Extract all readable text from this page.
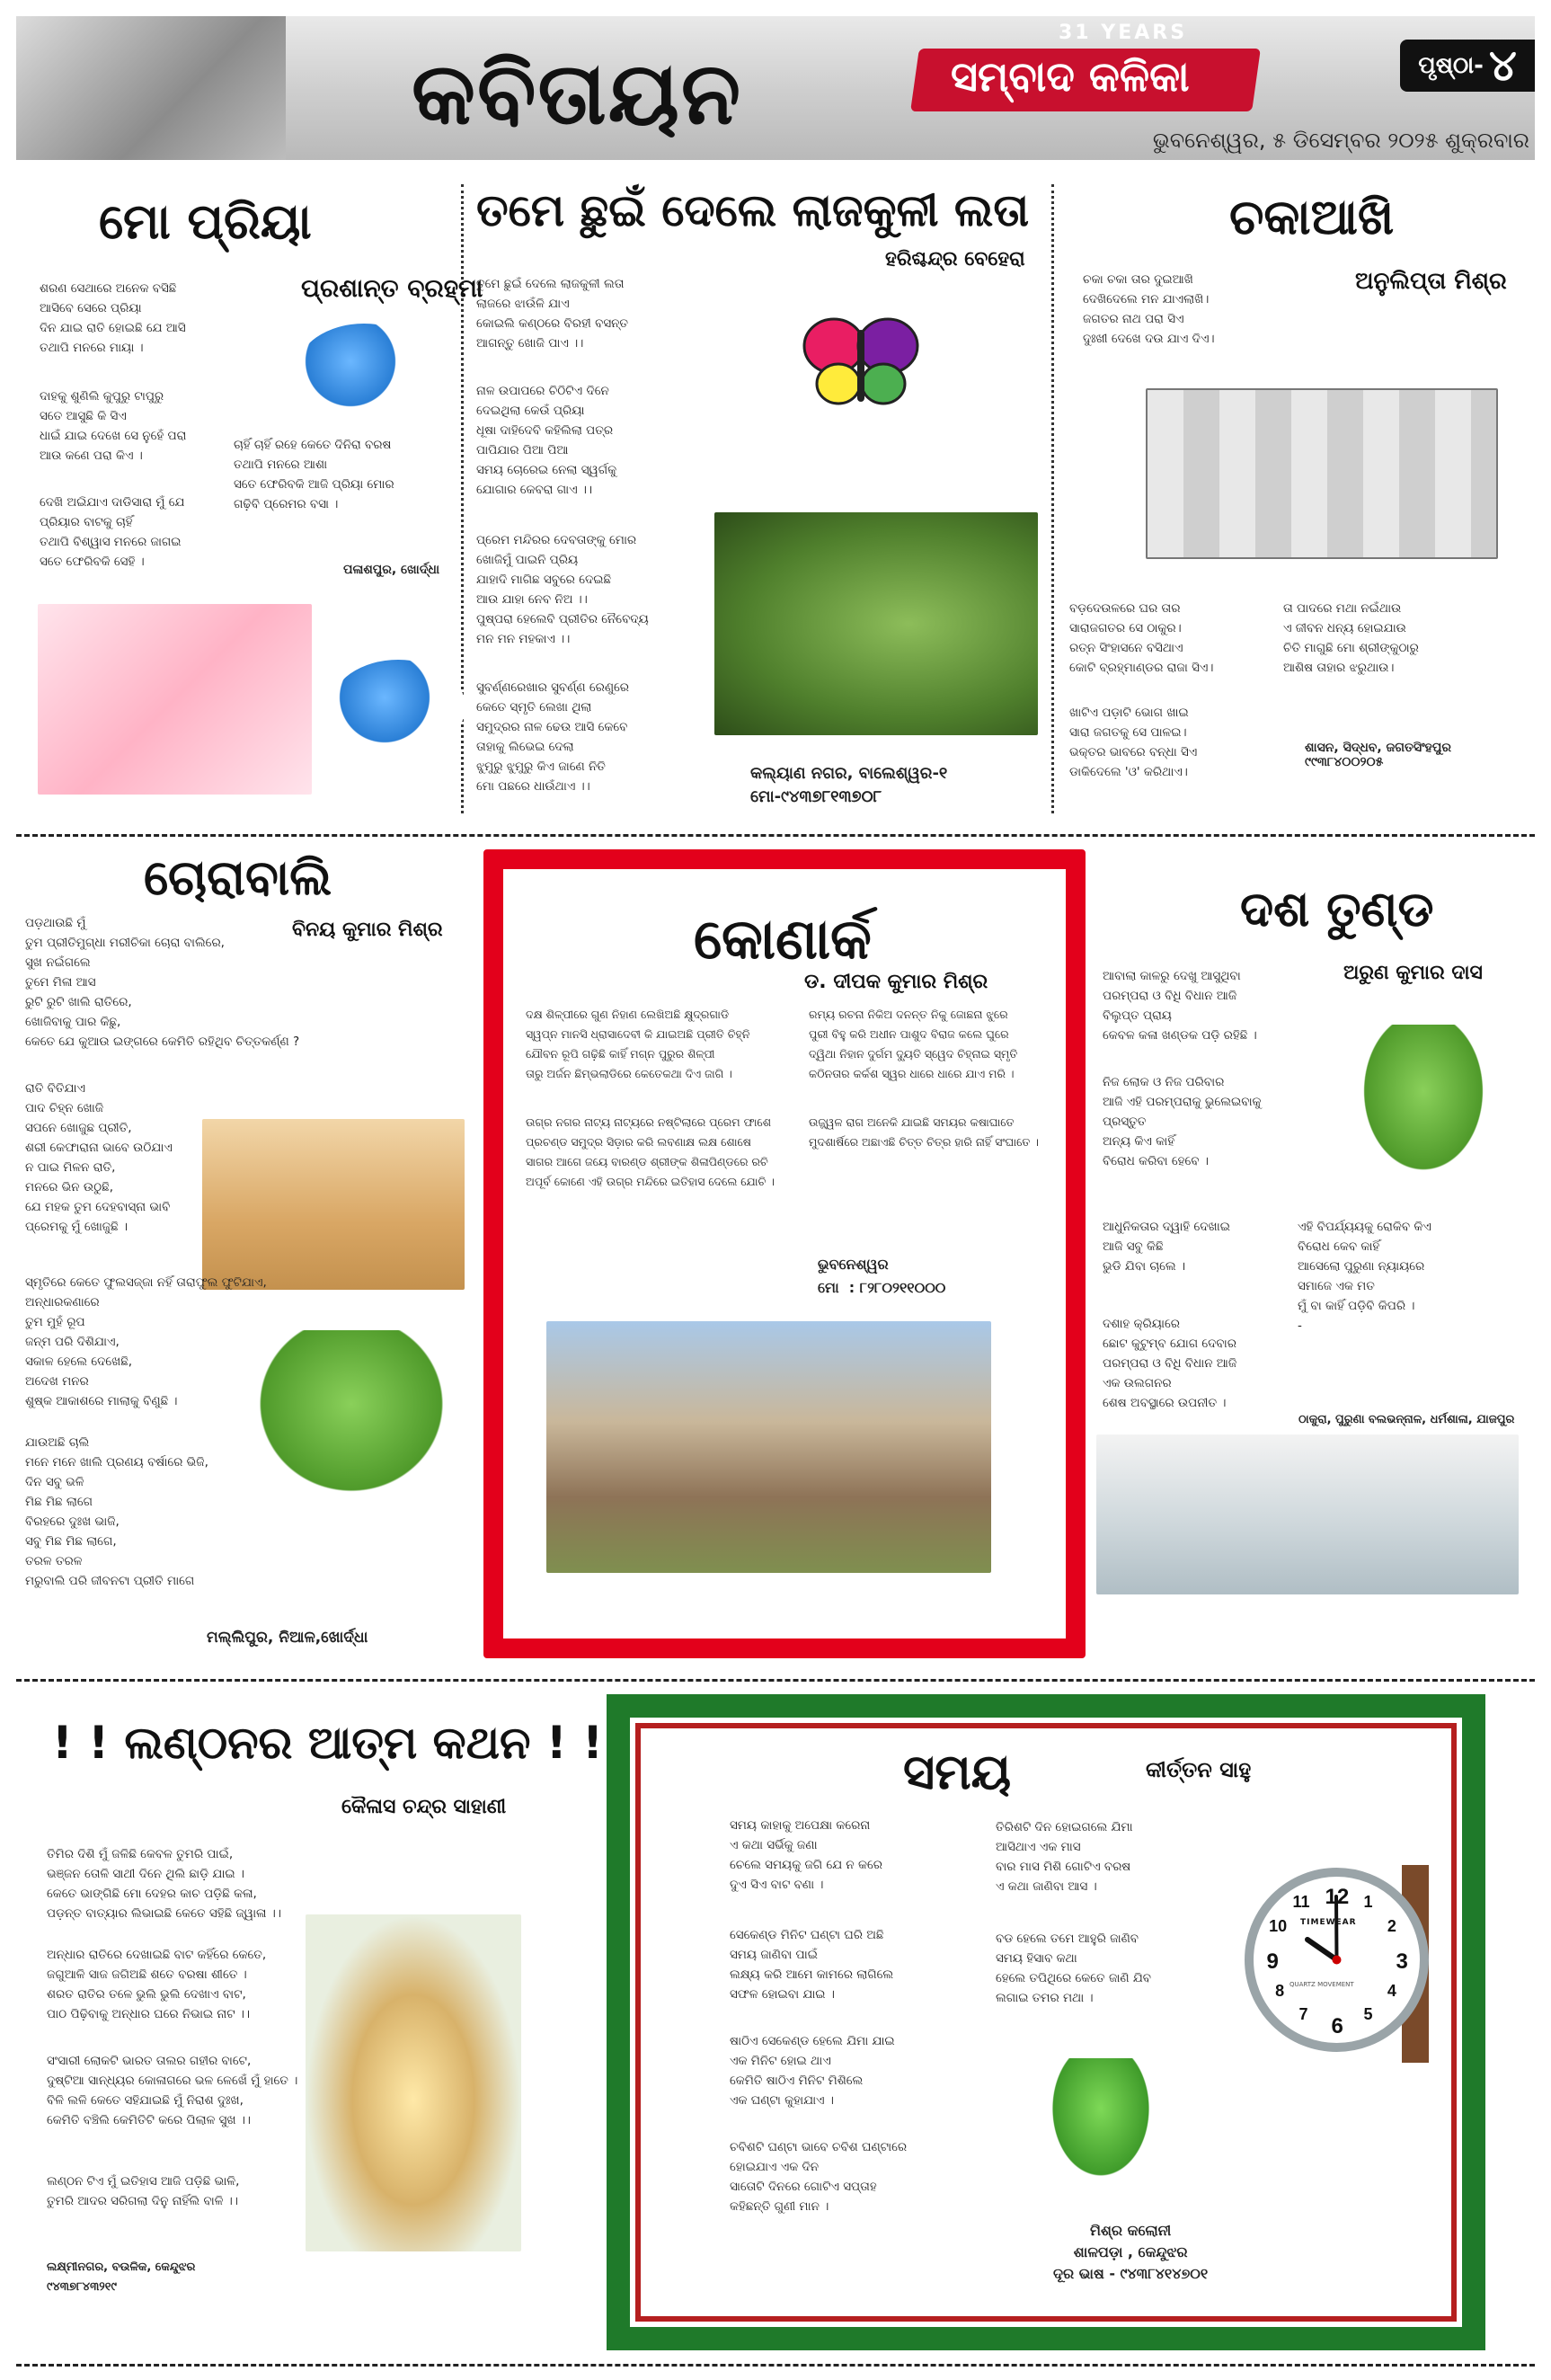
କବିତାୟନ
31 YEARS
ସମ୍ବାଦ କଳିକା	ପୃଷ୍ଠା- ୪
ଭୁବନେଶ୍ୱର, ୫ ଡିସେମ୍ବର ୨୦୨୫ ଶୁକ୍ରବାର
ମୋ ପ୍ରିୟା
ପ୍ରଶାନ୍ତ ବ୍ରହ୍ମା
ଶରଣ ସେଥାରେ ଅନେକ ବସିଛି
ଆସିବେ ସେରେ ପ୍ରିୟା
ଦିନ ଯାଇ ରାତି ହୋଇଛି ଯେ ଆସି
ତଥାପି ମନରେ ମାୟା ।
ଦାହକୁ ଶୁଣିଲି କୁପୁରୁ ଟାପୁରୁ
ସତେ ଆସୁଛି କି ସିଏ
ଧାଇଁ ଯାଇ ଦେଖେ ସେ ନୁହେଁ ପରା
ଆଉ କଣେ ପରା କିଏ ।
ଚାହିଁ ଚାହିଁ ରହେ କେତେ ଦିନିରା ବରଷ
ତଥାପି ମନରେ ଆଶା
ସତେ ଫେରିବକି ଆଜି ପ୍ରିୟା ମୋର
ଗଢ଼ିବି ପ୍ରେମର ବସା ।
ଦେଖି ଅଇିଯାଏ ଦାଡିସାରା ମୁଁ ଯେ
ପ୍ରିୟାର ବାଟକୁ ଚାହିଁ
ତଥାପି ବିଶ୍ୱାସ ମନରେ ଜାଗଇ
ସତେ ଫେରିବକି ସେହି ।
ପଳାଶପୁର, ଖୋର୍ଦ୍ଧା
ତମେ ଛୁଇଁ ଦେଲେ ଲାଜକୁଳୀ ଲତା
ହରିଶ୍ଚନ୍ଦ୍ର ବେହେରା
ତୁମେ ଛୁଇଁ ଦେଲେ ଲାଜକୁଳୀ ଲତା
ଲାଜରେ ଝାଉଁଳି ଯାଏ
କୋଇଲି କଣ୍ଠରେ ବିରହୀ ବସନ୍ତ
ଆଗନ୍ତୁ ଖୋଜି ପାଏ ।।
ନାଳ ଉପାପରେ ଚିଠିଟିଏ ଦିନେ
ଦେଇଥିଲା କେଉଁ ପ୍ରିୟା
ଧୂଷା ଦାହିଦେବି କହିଲିଲା ପତ୍ର
ପାପିଯାର ପିଆ ପିଆ
ସମୟ ଚୋରେଇ ନେଲା ସ୍ୱର୍ଗକୁ
ଯୋଗାର କେବରା ଗାଏ ।।
ପ୍ରେମ ମନ୍ଦିରର ଦେବତାଙ୍କୁ ମୋର
ଖୋଜିମୁଁ ପାଇନି ପ୍ରିୟ
ଯାହାଦି ମାଗିଛ ସବୁରେ ଦେଇଛି
ଆଉ ଯାହା ନେବ ନିଅ ।।
ପୁଷ୍ପରା ହେଲେବି ପ୍ରୀତିର ନୈବେଦ୍ୟ
ମନ ମନ ମହକାଏ ।।
ସୁବର୍ଣ୍ଣରେଖାର ସୁବର୍ଣ୍ଣ ରେଣୁରେ
କେତେ ସ୍ମୃତି ଲେଖା ଥିଲା
ସମୁଦ୍ରର ନାଳ ଢେଉ ଆସି କେବେ
ତାହାକୁ ଲିଭେଇ ଦେଲା
ଝୁମୁରୁ ଝୁମୁରୁ କିଏ ଜାଣେ ନିତି
ମୋ ପଛରେ ଧାଉଁଥାଏ ।।
କଲ୍ୟାଣ ନଗର, ବାଲେଶ୍ୱର-୧
ମୋ-୯୪୩୭୮୧୩୭୦୮
ଚକାଆଖି
ଅନୁଲିପ୍ତା ମିଶ୍ର
ଚକା ଚକା ତାର ଦୁଇଆଖି
ଦେଖିଦେଲେ ମନ ଯାଏଲାଖି।
ଜଗତର ନାଥ ପରା ସିଏ
ଦୁଃଖୀ ଦେଖେ ଦଉ ଯାଏ ଦିଏ।
ବଡ଼ଦେଉଳରେ ଘର ତାର
ସାରାଜଗତର ସେ ଠାକୁର।
ରତ୍ନ ସିଂହାସନେ ବସିଥାଏ
କୋଟି ବ୍ରହ୍ମାଣ୍ଡର ରାଜା ସିଏ।
ତା ପାଦରେ ମଥା ନଇଁଥାଉ
ଏ ଜୀବନ ଧନ୍ୟ ହୋଇଯାଉ
ଚିତି ମାଗୁଛି ମୋ ଶ୍ରୀଙ୍କୁଠାରୁ
ଆଶିଷ ତାହାର ଝରୁଥାଉ।
ଖାଟିଏ ପଡ଼ାଟି ଭୋଗ ଖାଇ
ସାରା ଜଗତକୁ ସେ ପାଳଇ।
ଭକ୍ତର ଭାବରେ ବନ୍ଧା ସିଏ
ଡାକିଦେଲେ 'ଓ' କରିଥାଏ।
ଶାସନ, ସିଦ୍ଧବ, ଜଗତସିଂହପୁର
୯୯୩୮୪୦୦୨୦୫
ଚୋରାବାଲି
ବିନୟ କୁମାର ମିଶ୍ର
ପଡ଼ଥାଉଛି ମୁଁ
ତୁମ ପ୍ରୀତିମୁଗ୍ଧା ମରୀଚିକା ଚୋରା ବାଲିରେ,
ସୁଖ ନଇଁଗଲେ
ତୁମେ ମିଳା ଆସ
ରୁଟି ରୁଟି ଖାଲି ରାତିରେ,
ଖୋଜିବାକୁ ପାର କିଛୁ,
କେତେ ଯେ କୁଆଉ ଇଙ୍ଗରେ କେମିତି ରହିଥିବ ଚିତ୍ତକର୍ଣ୍ଣ ?
ରାତି ବିତିଯାଏ
ପାଦ ଚିହ୍ନ ଖୋଜି
ସପନେ ଖୋଜୁଛ ପ୍ରୀତି,
ଶରୀ କେଫାରାନା ଭାବେ ଉଠିଯାଏ
ନ ପାଇ ମିଳନ ରାତି,
ମନରେ ଭିନ ଉଠୁଛି,
ଯେ ମହକ ତୁମ ଦେହବାସ୍ନା ଭାବି
ପ୍ରେମକୁ ମୁଁ ଖୋଜୁଛି ।
ସ୍ମୃତିରେ କେତେ ଫୁଲସଜ୍ଜା ନହିଁ ତାରାଫୁଲ ଫୁଟିଯାଏ,
ଅନ୍ଧାରକଣାରେ
ତୁମ ମୁହଁ ରୂପ
ଜନ୍ମ ପରି ଦିଶିଯାଏ,
ସକାଳ ହେଲେ ଦେଖେଛି,
ଅଦେଖ ମନର
ଶୁଷ୍କ ଆକାଶରେ ମାଲାକୁ ବିଣୁଛି ।
ଯାଉଅଛି ଚାଲି
ମନେ ମନେ ଖାଲି ପ୍ରଣୟ ବର୍ଷାରେ ଭିଜି,
ଦିନ ସବୁ ଭଳି
ମିଛ ମିଛ ଲାଗେ
ବିରହରେ ଦୁଃଖ ଭାଜି,
ସବୁ ମିଛ ମିଛ ଲାଗେ,
ତରଳ ତରଳ
ମରୁବାଲି ପରି ଜୀବନଟା ପ୍ରୀତି ମାଗେ
ମଲ୍ଲିପୁର, ନିଆଳ,ଖୋର୍ଦ୍ଧା
କୋଣାର୍କ
ଡ. ଦୀପକ କୁମାର ମିଶ୍ର
ଦକ୍ଷ ଶିଳ୍ପୀରେ ଗୁଣ ନିହାଣ ଲେଖିଅଛି କ୍ଷୁଦ୍ରଗାଡି
ସ୍ୱପ୍ନ ମାନସି ଧ୍ରାସାଦେବୀ କି ଯାଇଅଛି ପ୍ରୀତି ଚିହ୍ନି
ଯୌବନ ରୂପି ଗଢ଼ିଛି କାହିଁ ମଗ୍ନ ପୁରୁର ଶିଳ୍ପୀ
ତାରୁ ଅର୍ଜନ ଛିମ୍ଭଲାଡିରେ କେତେକଥା ଦିଏ ଜାଗି ।
ଉଗ୍ର ନଗର ନାଟ୍ୟ ନାଟ୍ୟରେ ନଷ୍ଟିଲାରେ ପ୍ରେମ ଫାଶେ
ପ୍ରଚଣ୍ଡ ସମୁଦ୍ର ସିଡ଼ାର କରି ଲବଣାକ୍ଷ ଲକ୍ଷ ଶୋଷେ
ସାଗର ଆଗେ ଜୟେ ବାରଣ୍ଡ ଶ୍ରୀଙ୍କ ଶିଳାପିଣ୍ଡରେ ରଚି
ଅପୂର୍ବ କୋଣେ ଏହି ଉଗ୍ର ମନ୍ଦିରେ ଇତିହାସ ଦେଲେ ଯୋଚି ।
ରମ୍ୟ ରଚନା ନିକିଅ ଦନନ୍ତ ନିକୁ ଜୋଛନା ଝୁରେ
ପୁରୀ ବିହୁ କରି ଅଧୀନ ପାଶୁଦ ବିରାଜ କଲେ ଘୁରେ
ଦ୍ୱିଥା ନିହାନ ଦୁର୍ଗମ ଦ୍ୟୁତି ସ୍ୱେଦ ଚିହ୍ନାଇ ସ୍ମୃତି
କଠିନତାର କର୍କଶ ସ୍ୱର ଧାରେ ଧାରେ ଯାଏ ମରି ।
ଉଜ୍ଜ୍ୱଳ ରାଗ ଅନେକି ଯାଇଛି ସମୟର କଷାଘାତେ
ମୁଦଶାର୍ଷିରେ ଅଛାଏଛି ଚିତ୍ତ ଚିତ୍ର ହାରି ନାହିଁ ସଂଘାତେ ।
ଭୁବନେଶ୍ୱର
ମୋ  : ୮୨୮୦୨୧୧୦୦୦
ଦଶ ତୁଣ୍ଡ
ଅରୁଣ କୁମାର ଦାସ
ଆବାଲା କାଳରୁ ଦେଖୁ ଆସୁଥିବା
ପରମ୍ପରା ଓ ବିଧି ବିଧାନ ଆଜି
ବିଲୁପ୍ତ ପ୍ରାୟ
କେବଳ କଳା ଖଣ୍ଡକ ପଡ଼ି ରହିଛି ।
ନିଜ ଲୋକ ଓ ନିଜ ପରିବାର
ଆଜି ଏହି ପରମ୍ପରାକୁ ଭୁଲେଇବାକୁ
ପ୍ରସ୍ତୁତ
ଅନ୍ୟ କିଏ କାହିଁ
ବିରୋଧ କରିବା ହେବେ ।
ଆଧୁନିକତାର ଦ୍ୱାହି ଦେଖାଇ
ଆଜି ସବୁ କିଛି
ଭୁଡି ଯିବା ଚାଲେ ।
ଏହି ବିପର୍ଯ୍ୟୟକୁ ରୋକିବ କିଏ
ବିରୋଧ କେବ କାହିଁ
ଆସେଲୋ ପୁରୁଣା ନ୍ୟାୟରେ
ସମାଜେ ଏକ ମତ
ମୁଁ ବା କାହିଁ ପଡ଼ିବି କିପରି ।
-
ଦଶାହ କ୍ରିୟାରେ
ଛୋଟ କୁଟୁମ୍ବ ଯୋଗ ଦେବାର
ପରମ୍ପରା ଓ ବିଧି ବିଧାନ ଆଜି
ଏକ ଉଲଗନର
ଶେଷ ଅବସ୍ଥାରେ ଉପନୀତ ।
ଠାକୁରା, ପୁରୁଣା ବଲଭନ୍ନାଳ, ଧର୍ମଶାଳା, ଯାଜପୁର
! ! ଲଣ୍ଠନର ଆତ୍ମ କଥନ ! !
କୈଳାସ ଚନ୍ଦ୍ର ସାହାଣୀ
ତିମିର ଦିଶି ମୁଁ ଜଳିଛି କେବଳ ତୁମରି ପାଇଁ,
ଭଞ୍ଜନ ତୋଳି ସାଥୀ ଦିନେ ଥିଲି ଛାଡ଼ି ଯାଇ ।
କେତେ ଭାଙ୍ଗିଛି ମୋ ଦେହର କାଚ ପଡ଼ିଛି କଳା,
ପଡ଼ନ୍ତ ବାତ୍ୟାର ଲିଭାଇଛି କେତେ ସହିଛି ଜ୍ୱାଳା ।।
ଅନ୍ଧାର ରାତିରେ ଦେଖାଇଛି ବାଟ କହିଁରେ କେତେ,
ଜଗୁଆଳି ସାଜ ଜଗିଅଛି ଶତେ ବରଷା ଶୀତେ ।
ଶରତ ରାତିର ତଳେ ଭୁଲି ଭୁଲି ଦେଖାଏ ବାଟ,
ପାଠ ପିଢ଼ିବାକୁ ଅନ୍ଧାର ଘରେ ନିଭାଇ ନାଟ ।।
ସଂସାରୀ ଲୋକଟି ଭାରତ ତାଲର ଗହୀର ବାଟେ,
ଦୁଷ୍ଟିଆ ସାନ୍ଧ୍ୟର କୋଳାଗରେ ଭଳ ଳେଖେଁ ମୁଁ ହାତେ ।
ବିଳି ଲଳି କେତେ ସହିଯାଇଛି ମୁଁ ନିରାଶ ଦୁଃଖ,
କେମିତି ବଞ୍ଚିଲି କେମିତିଟି କରେ ପିଲାଳ ସୁଖ ।।
ଲଣ୍ଠନ ଟିଏ ମୁଁ ଇତିହାସ ଆଜି ପଡ଼ିଛି ଭାଳି,
ତୁମରି ଆଦର ସରିଗଲା ଦିନୁ ନାହିଁଲି ବାଳି ।।
ଲକ୍ଷ୍ମୀନଗର, ବଉଳିକ, କେନ୍ଦୁଝର
୯୪୩୭୮୪୩୨୧୯
ସମୟ	କୀର୍ତ୍ତନ ସାହୁ
ସମୟ କାହାକୁ ଅପେକ୍ଷା କରେନା
ଏ କଥା ସର୍ଭିକୁ ଜଣା
ଚେଲେ ସମୟକୁ ଜଗି ଯେ ନ କରେ
ଦୁଏ ସିଏ ବାଟ ବଣା ।
ସେକେଣ୍ଡ ମିନିଟ ଘଣ୍ଟା ଘରି ଅଛି
ସମୟ ଜାଣିବା ପାଇଁ
ଲକ୍ଷ୍ୟ କରି ଆମେ କାମରେ ଲାଗିଲେ
ସଫଳ ହୋଇବା ଯାଇ ।
ଷାଠିଏ ସେକେଣ୍ଡ ହେଲେ ଯିମା ଯାଇ
ଏକ ମିନିଟ ହୋଇ ଥାଏ
କେମିତି ଷାଠିଏ ମିନିଟ ମିଶିଲେ
ଏକ ଘଣ୍ଟା କୁହାଯାଏ ।
ଚବିଶଟି ଘଣ୍ଟା ଭାବେ ଚବିଶ ଘଣ୍ଟାରେ
ହୋଇଯାଏ ଏକ ଦିନ
ସାତୋଟି ଦିନରେ ଗୋଟିଏ ସପ୍ତାହ
କହିଛନ୍ତି ଗୁଣୀ ମାନ ।
ତିରିଶଟି ଦିନ ହୋଇଗଲେ ଯିମା
ଆସିଥାଏ ଏକ ମାସ
ବାର ମାସ ମିଶି ଗୋଟିଏ ବରଷ
ଏ କଥା ଜାଣିବା ଆସ ।
ବଡ ହେଲେ ତମେ ଆହୁରି ଜାଣିବ
ସମୟ ହିସାବ କଥା
ହେଲେ ତପିଥିରେ କେତେ ଜାଣି ଯିବ
ଲଗାଇ ତମର ମଥା ।
12 1
2
3
4
5
6
7
8
9
10
11
TIMEWEAR
QUARTZ MOVEMENT
ମିଶ୍ର କଲୋନୀ
ଶାଳପଡ଼ା , କେନ୍ଦୁଝର
ଦୂର ଭାଷ - ୯୪୩୮୪୧୪୭୦୧
